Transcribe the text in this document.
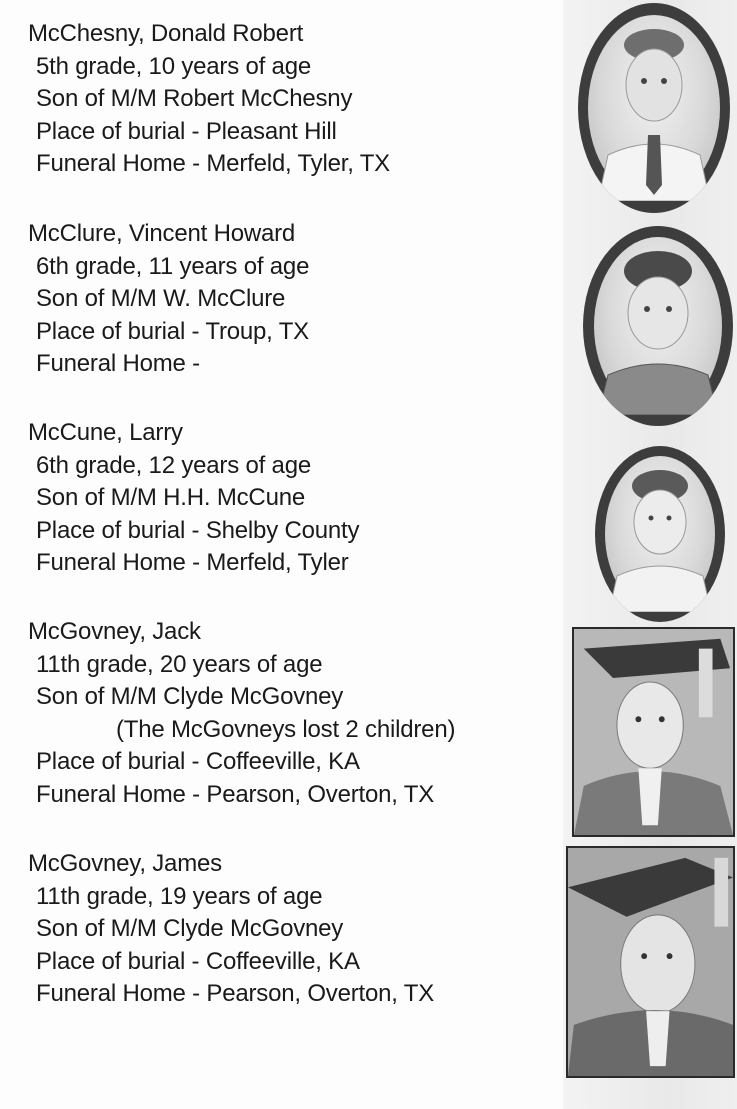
McChesny, Donald Robert
5th grade, 10 years of age
Son of M/M Robert McChesny
Place of burial - Pleasant Hill
Funeral Home - Merfeld, Tyler, TX
McClure, Vincent Howard
6th grade, 11 years of age
Son of M/M W. McClure
Place of burial - Troup, TX
Funeral Home -
McCune, Larry
6th grade, 12 years of age
Son of M/M H.H. McCune
Place of burial - Shelby County
Funeral Home - Merfeld, Tyler
McGovney, Jack
11th grade, 20 years of age
Son of M/M Clyde McGovney
(The McGovneys lost 2 children)
Place of burial - Coffeeville, KA
Funeral Home - Pearson, Overton, TX
McGovney, James
11th grade, 19 years of age
Son of M/M Clyde McGovney
Place of burial - Coffeeville, KA
Funeral Home - Pearson, Overton, TX
